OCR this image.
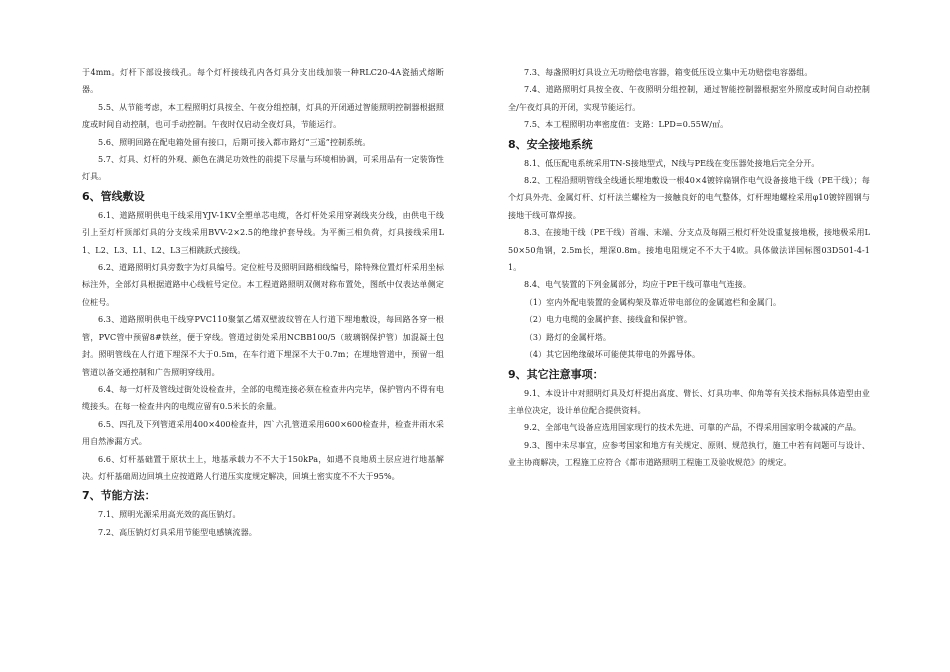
于4mm。灯杆下部设接线孔。每个灯杆接线孔内各灯具分支出线加装一种RLC20-4A瓷插式熔断器。

5.5、从节能考虑，本工程照明灯具按全、午夜分组控制，灯具的开闭通过智能照明控制器根据照度或时间自动控制，也可手动控制。午夜时仅启动全夜灯具，节能运行。

5.6、照明回路在配电箱处留有接口，后期可接入都市路灯“三遥”控制系统。

5.7、灯具、灯杆的外观、颜色在满足功效性的前提下尽量与环境相协调，可采用品有一定装饰性灯具。

6、管线敷设

6.1、道路照明供电干线采用YJV-1KV全塑单芯电缆，各灯杆处采用穿剥线夹分线，由供电干线引上至灯杆顶部灯具的分支线采用BVV-2×2.5的绝缘护套导线。为平衡三相负荷，灯具接线采用L1、L2、L3、L1、L2、L3三相跳跃式接线。

6.2、道路照明灯具旁数字为灯具编号。定位桩号及照明回路相线编号，除特殊位置灯杆采用坐标标注外，全部灯具根据道路中心线桩号定位。本工程道路照明双侧对称布置处，图纸中仅表达单侧定位桩号。

6.3、道路照明供电干线穿PVC110聚氯乙烯双壁波纹管在人行道下埋地敷设，每回路各穿一根管，PVC管中预留8#铁丝，便于穿线。管道过街处采用NCBB100/5（玻璃钢保护管）加混凝土包封。照明管线在人行道下埋深不大于0.5m，在车行道下埋深不大于0.7m；在埋地管道中，预留一组管道以备交通控制和广告照明穿线用。

6.4、每一灯杆及管线过街处设检查井，全部的电缆连接必须在检查井内完毕，保护管内不得有电缆接头。在每一检查井内的电缆应留有0.5米长的余量。

6.5、四孔及下列管道采用400×400检查井，四`六孔管道采用600×600检查井，检查井雨水采用自然渗漏方式。

6.6、灯杆基础置于原状土上，地基承载力不不大于150kPa，如遇不良地质土层应进行地基解决。灯杆基础周边回填土应按道路人行道压实度规定解决，回填土密实度不不大于95%。

7、节能方法：

7.1、照明光源采用高光效的高压钠灯。

7.2、高压钠灯灯具采用节能型电感镇流器。

7.3、每盏照明灯具设立无功赔偿电容器，箱变低压设立集中无功赔偿电容器组。

7.4、道路照明灯具按全夜、午夜照明分组控制，通过智能控制器根据室外照度或时间自动控制全/午夜灯具的开闭，实现节能运行。

7.5、本工程照明功率密度值：支路：LPD=0.55W/㎡。

8、安全接地系统

8.1、低压配电系统采用TN-S接地型式，N线与PE线在变压器处接地后完全分开。

8.2、工程沿照明管线全线通长埋地敷设一根40×4镀锌扁钢作电气设备接地干线（PE干线）；每个灯具外壳、金属灯杆、灯杆法兰螺栓为一接触良好的电气整体，灯杆埋地螺栓采用φ10镀锌圆钢与接地干线可靠焊接。

8.3、在接地干线（PE干线）首端、末端、分支点及每隔三根灯杆处设重复接地极，接地极采用L50×50角钢，2.5m长，埋深0.8m。接地电阻规定不不大于4欧。具体做法详国标图03D501-4-11。

8.4、电气装置的下列金属部分，均应于PE干线可靠电气连接。

（1）室内外配电装置的金属构架及靠近带电部位的金属遮栏和金属门。

（2）电力电缆的金属护套、接线盒和保护管。

（3）路灯的金属杆塔。

（4）其它因绝缘破坏可能使其带电的外露导体。

9、其它注意事项：

9.1、本设计中对照明灯具及灯杆提出高度、臂长、灯具功率、仰角等有关技术指标具体造型由业主单位决定，设计单位配合提供资料。

9.2、全部电气设备应选用国家现行的技术先进、可靠的产品，不得采用国家明令裁减的产品。

9.3、图中未尽事宜，应参考国家和地方有关规定、原则、规范执行，施工中若有问题可与设计、业主协商解决，工程施工应符合《都市道路照明工程施工及验收规范》的规定。
